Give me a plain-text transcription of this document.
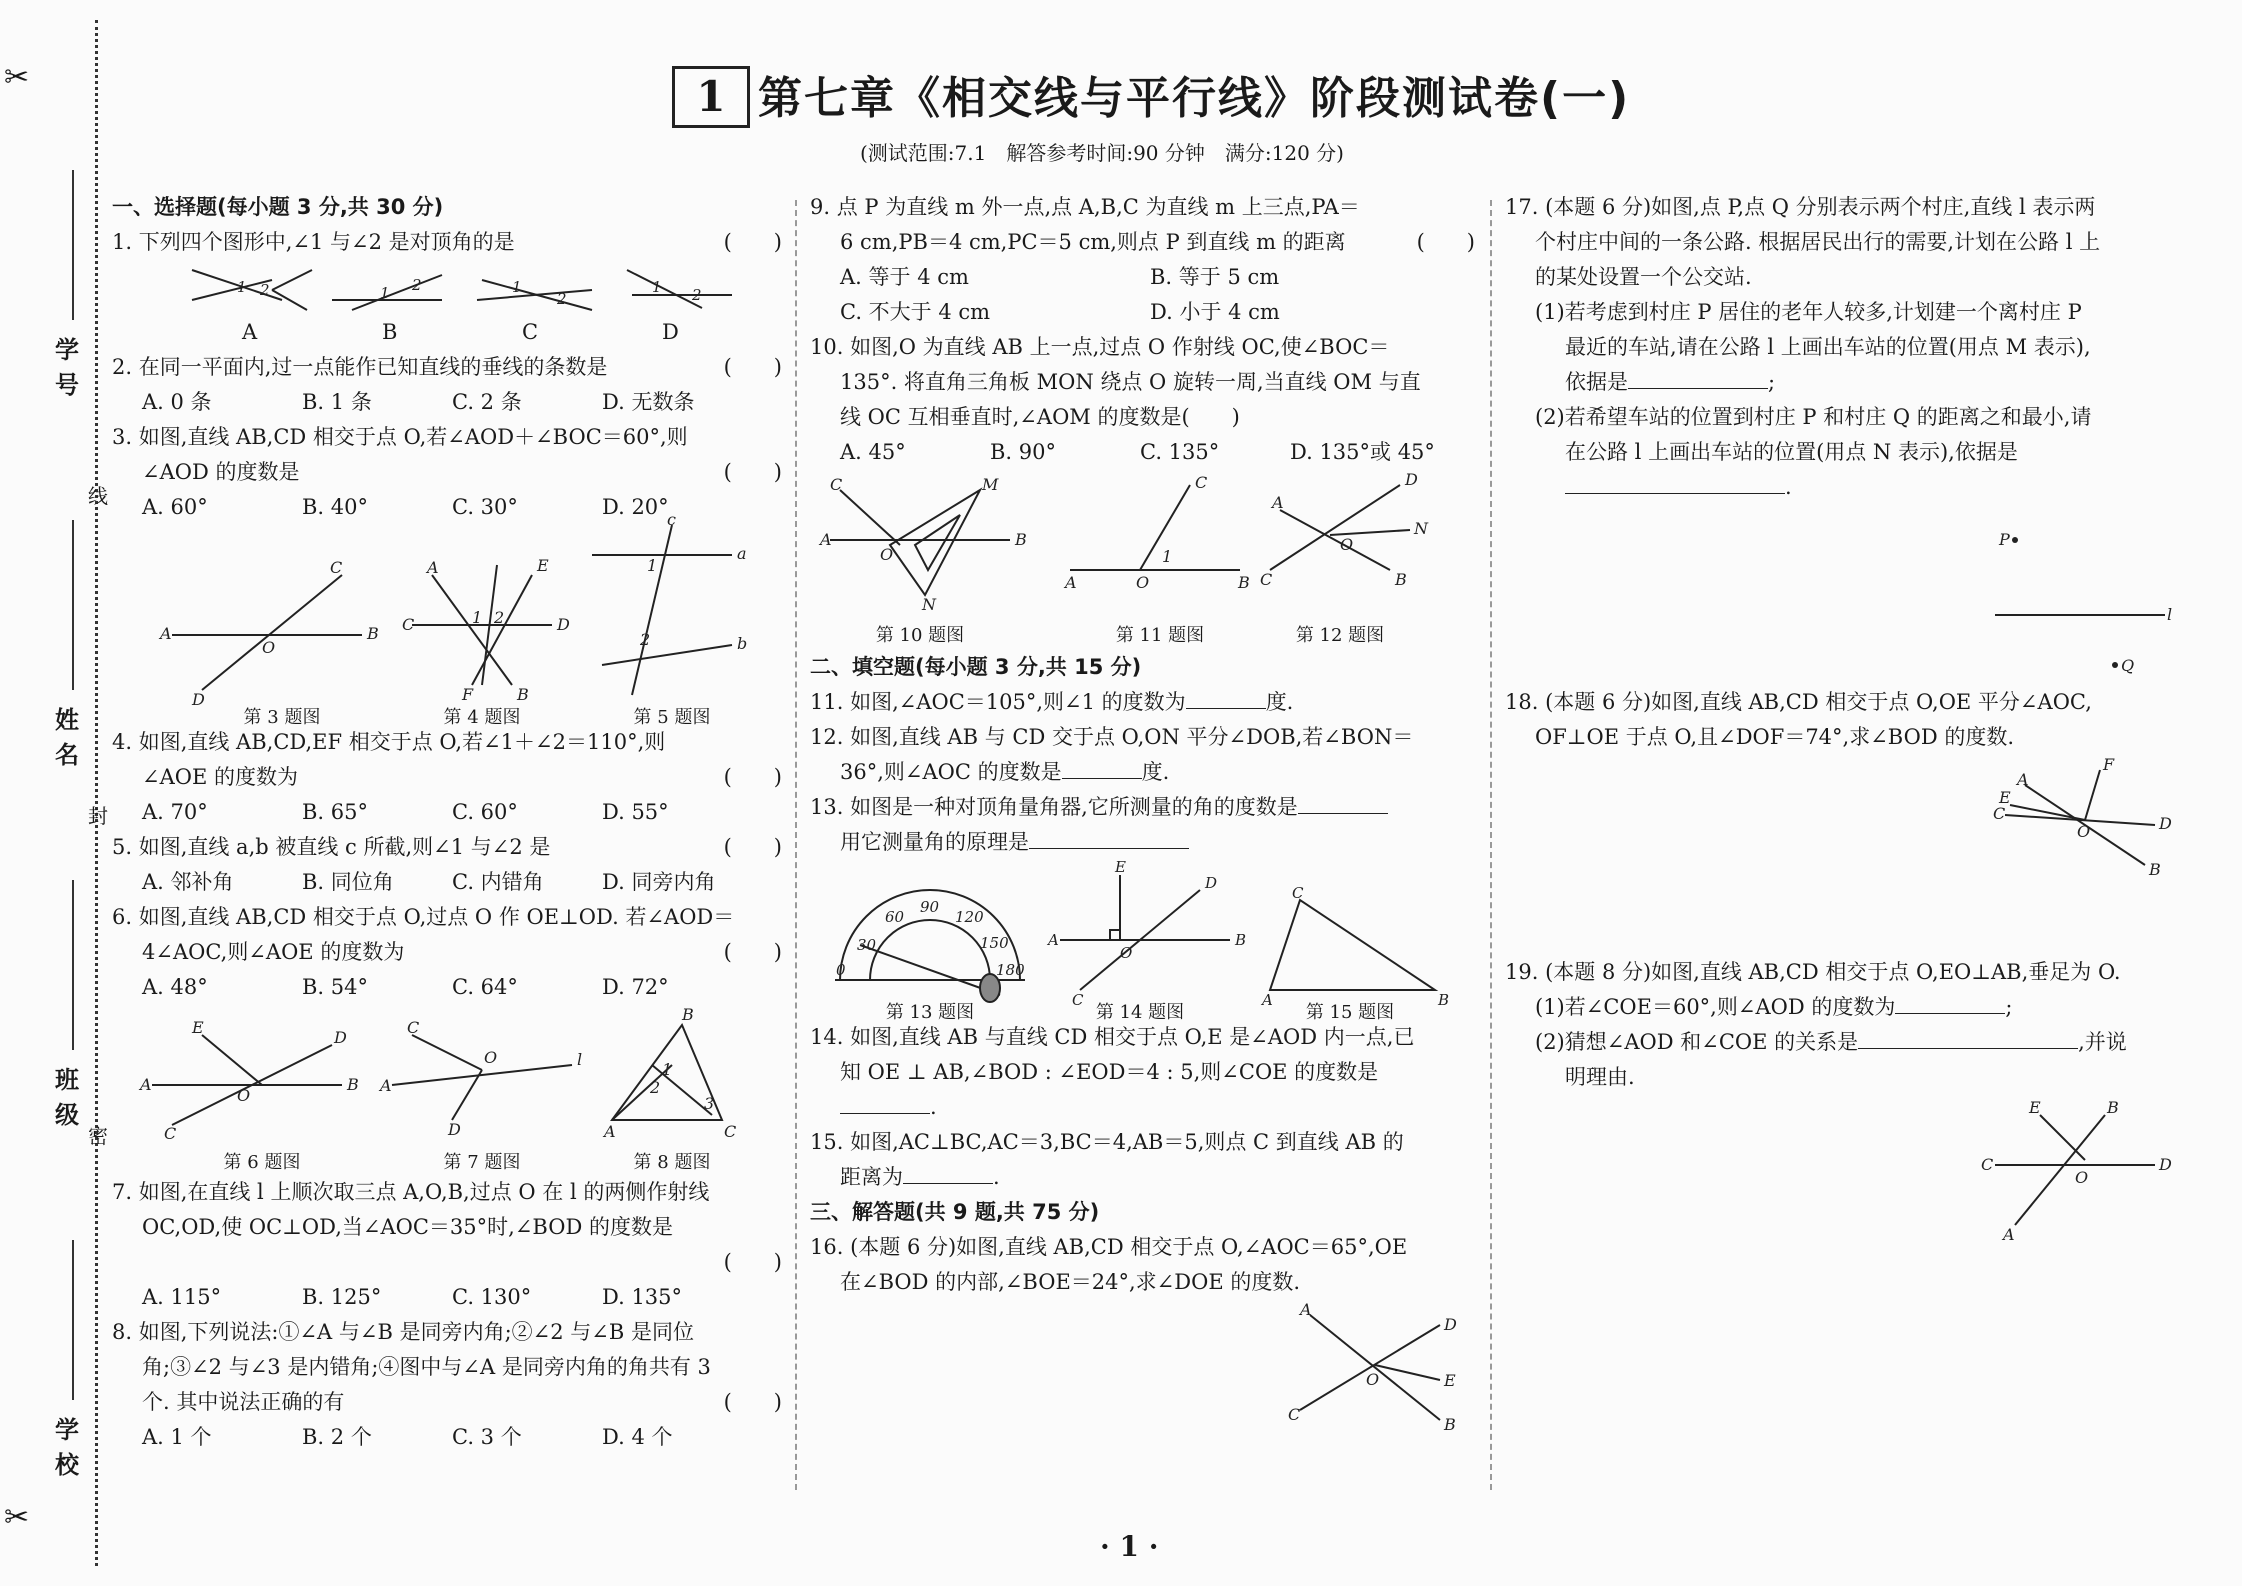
✂
✂
学号
姓名
班级
学校
线
封
密
1 第七章《相交线与平行线》阶段测试卷(一)
(测试范围:7.1　解答参考时间:90 分钟　满分:120 分)
一、选择题(每小题 3 分,共 30 分)
1. 下列四个图形中,∠1 与∠2 是对顶角的是	(　　)
1 2	1 2	1
2
1 2
A	B	C	D
2. 在同一平面内,过一点能作已知直线的垂线的条数是	(　　)
A. 0 条	B. 1 条	C. 2 条	D. 无数条
3. 如图,直线 AB,CD 相交于点 O,若∠AOD＋∠BOC＝60°,则
∠AOD 的度数是	(　　)
A. 60°	B. 40°	C. 30°	D. 20°
A	B
C
D
O
C	D
A	E
F	B
1 2
a
b
c
1
2
第 3 题图	第 4 题图	第 5 题图
4. 如图,直线 AB,CD,EF 相交于点 O,若∠1＋∠2＝110°,则
∠AOE 的度数为	(　　)
A. 70°	B. 65°	C. 60°	D. 55°
5. 如图,直线 a,b 被直线 c 所截,则∠1 与∠2 是	(　　)
A. 邻补角	B. 同位角	C. 内错角	D. 同旁内角
6. 如图,直线 AB,CD 相交于点 O,过点 O 作 OE⊥OD. 若∠AOD＝
4∠AOC,则∠AOE 的度数为	(　　)
A. 48°	B. 54°	C. 64°	D. 72°
A	B
D
C
E
O
A
l
C
D
O
A	C
B
1
2
3
第 6 题图	第 7 题图	第 8 题图
7. 如图,在直线 l 上顺次取三点 A,O,B,过点 O 在 l 的两侧作射线
OC,OD,使 OC⊥OD,当∠AOC＝35°时,∠BOD 的度数是
(　　)
A. 115°	B. 125°	C. 130°	D. 135°
8. 如图,下列说法:①∠A 与∠B 是同旁内角;②∠2 与∠B 是同位
角;③∠2 与∠3 是内错角;④图中与∠A 是同旁内角的角共有 3
个. 其中说法正确的有	(　　)
A. 1 个	B. 2 个	C. 3 个	D. 4 个
9. 点 P 为直线 m 外一点,点 A,B,C 为直线 m 上三点,PA＝
6 cm,PB＝4 cm,PC＝5 cm,则点 P 到直线 m 的距离	(　　)
A. 等于 4 cm	B. 等于 5 cm
C. 不大于 4 cm	D. 小于 4 cm
10. 如图,O 为直线 AB 上一点,过点 O 作射线 OC,使∠BOC＝
135°. 将直角三角板 MON 绕点 O 旋转一周,当直线 OM 与直
线 OC 互相垂直时,∠AOM 的度数是(　　)
A. 45°	B. 90°	C. 135°	D. 135°或 45°
A	B
C	M
N
O
A	B
C
O
1
C
D
A
B
N
O
第 10 题图	第 11 题图	第 12 题图
二、填空题(每小题 3 分,共 15 分)
11. 如图,∠AOC＝105°,则∠1 的度数为	度.
12. 如图,直线 AB 与 CD 交于点 O,ON 平分∠DOB,若∠BON＝
36°,则∠AOC 的度数是	度.
13. 如图是一种对顶角量角器,它所测量的角的度数是
用它测量角的原理是
0
30
60
90
120
150
180
A	B
E
D
C
O
A	B
C
第 13 题图	第 14 题图	第 15 题图
14. 如图,直线 AB 与直线 CD 相交于点 O,E 是∠AOD 内一点,已
知 OE ⊥ AB,∠BOD : ∠EOD＝4 : 5,则∠COE 的度数是
.
15. 如图,AC⊥BC,AC＝3,BC＝4,AB＝5,则点 C 到直线 AB 的
距离为	.
三、解答题(共 9 题,共 75 分)
16. (本题 6 分)如图,直线 AB,CD 相交于点 O,∠AOC＝65°,OE
在∠BOD 的内部,∠BOE＝24°,求∠DOE 的度数.
A
D
C
B
E
O
17. (本题 6 分)如图,点 P,点 Q 分别表示两个村庄,直线 l 表示两
个村庄中间的一条公路. 根据居民出行的需要,计划在公路 l 上
的某处设置一个公交站.
(1)若考虑到村庄 P 居住的老年人较多,计划建一个离村庄 P
最近的车站,请在公路 l 上画出车站的位置(用点 M 表示),
依据是	;
(2)若希望车站的位置到村庄 P 和村庄 Q 的距离之和最小,请
在公路 l 上画出车站的位置(用点 N 表示),依据是
.
P
Q
l
18. (本题 6 分)如图,直线 AB,CD 相交于点 O,OE 平分∠AOC,
OF⊥OE 于点 O,且∠DOF＝74°,求∠BOD 的度数.
C
D
A
B
E
F
O
19. (本题 8 分)如图,直线 AB,CD 相交于点 O,EO⊥AB,垂足为 O.
(1)若∠COE＝60°,则∠AOD 的度数为	;
(2)猜想∠AOD 和∠COE 的关系是	,并说
明理由.
C	D
E	B
A
O
· 1 ·
